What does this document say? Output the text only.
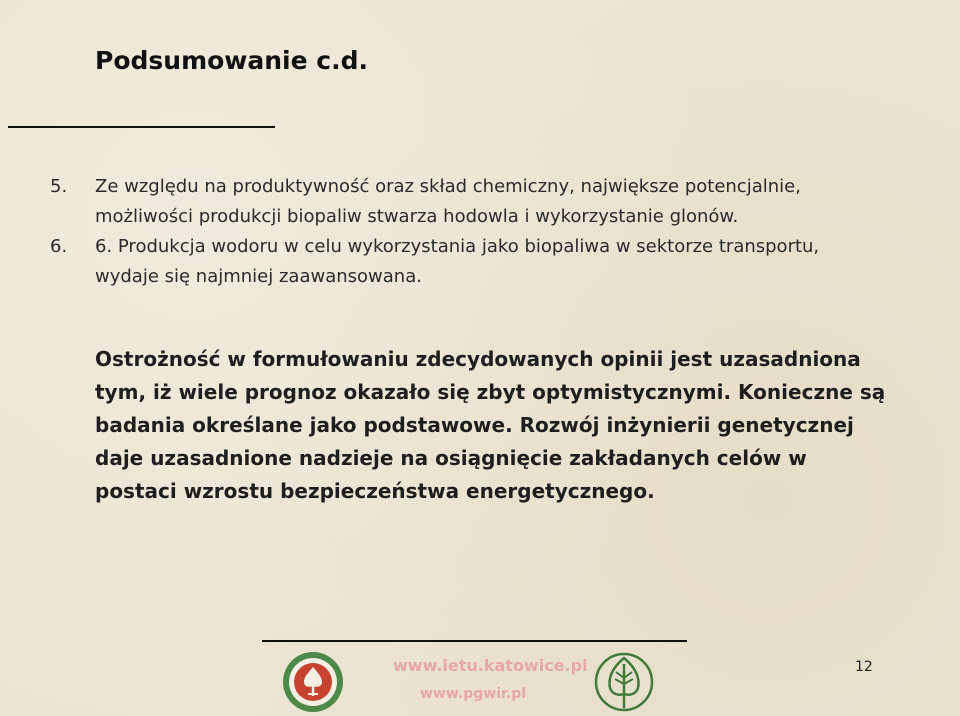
Podsumowanie c.d.
5. Ze względu na produktywność oraz skład chemiczny, największe potencjalnie, możliwości produkcji biopaliw stwarza hodowla i wykorzystanie glonów.
6. 6. Produkcja wodoru w celu wykorzystania jako biopaliwa w sektorze transportu, wydaje się najmniej zaawansowana.

Ostrożność w formułowaniu zdecydowanych opinii jest uzasadniona tym, iż wiele prognoz okazało się zbyt optymistycznymi. Konieczne są badania określane jako podstawowe. Rozwój inżynierii genetycznej daje uzasadnione nadzieje na osiągnięcie zakładanych celów w postaci wzrostu bezpieczeństwa energetycznego.

www.ietu.katowice.pl
www.pgwir.pl
12
